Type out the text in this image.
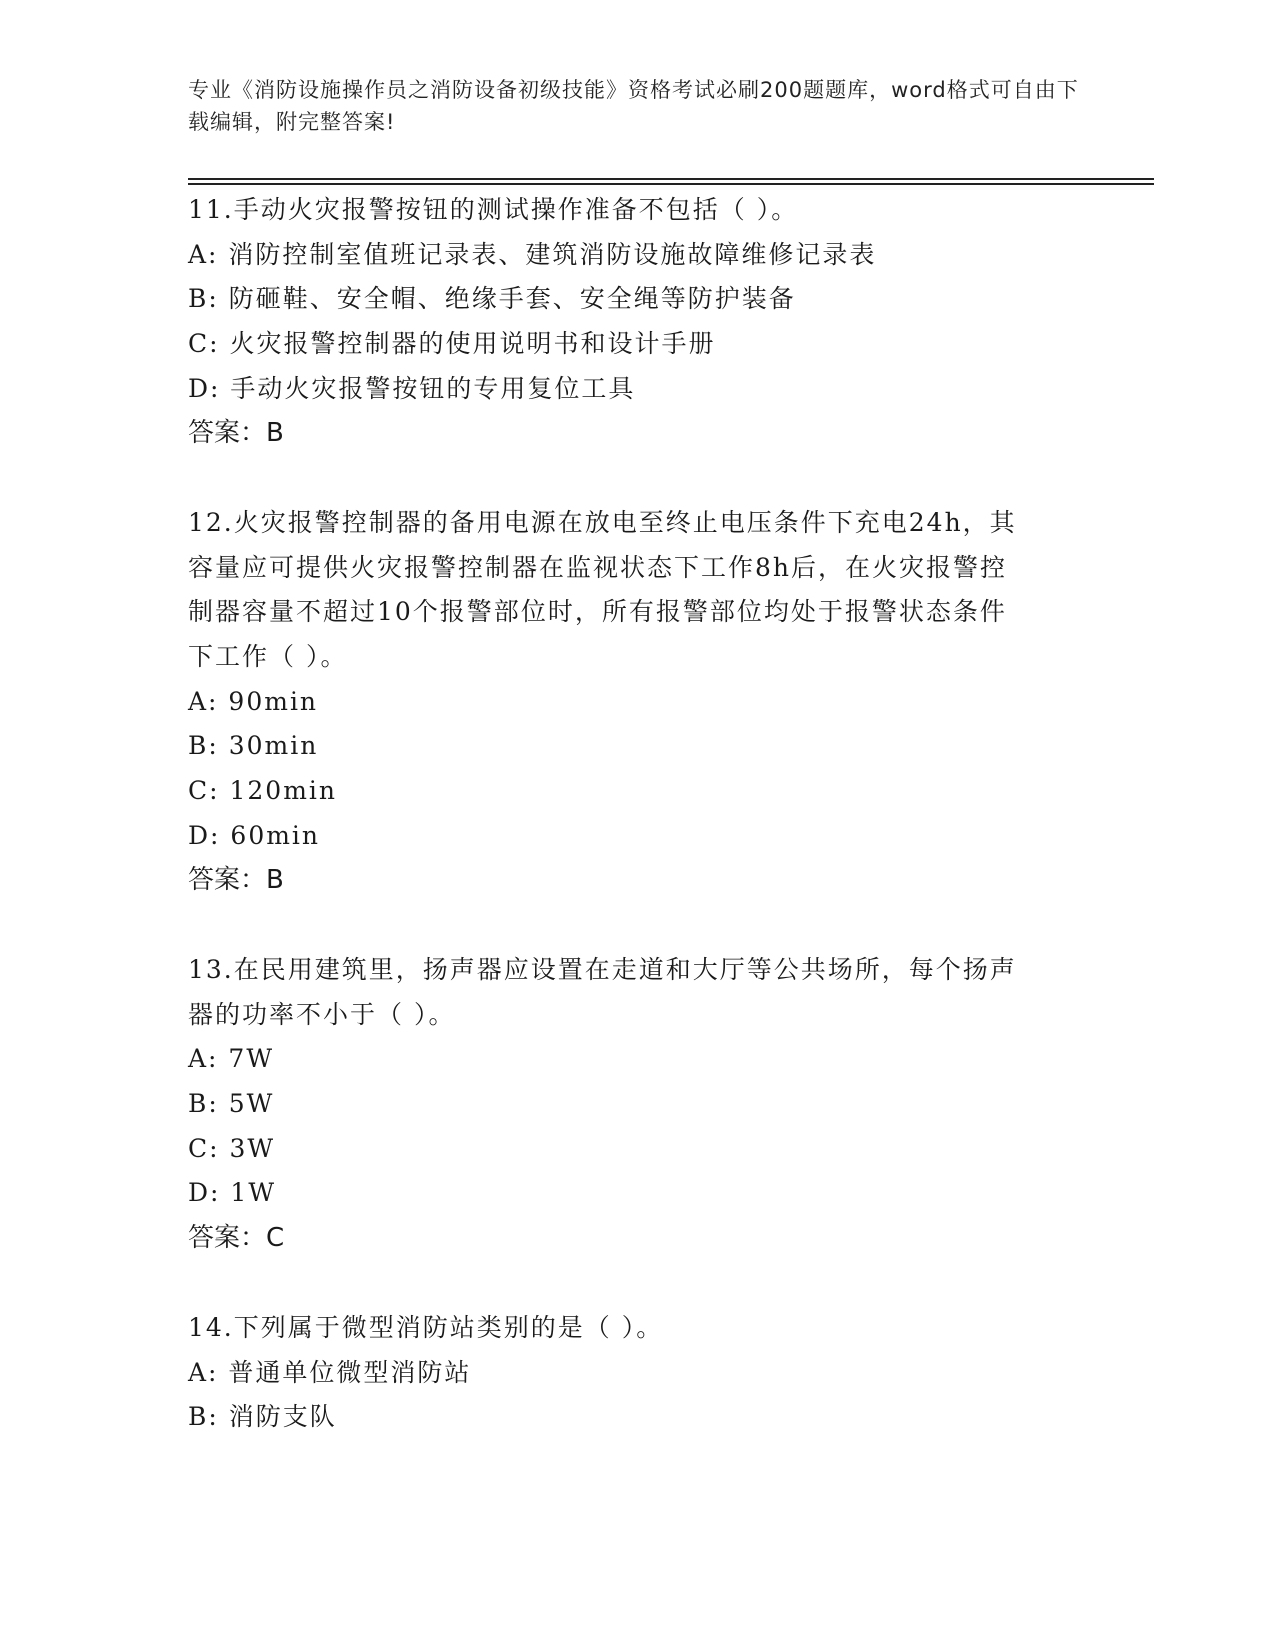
专业《消防设施操作员之消防设备初级技能》资格考试必刷200题题库，word格式可自由下载编辑，附完整答案!
11.手动火灾报警按钮的测试操作准备不包括（ ）。
A: 消防控制室值班记录表、建筑消防设施故障维修记录表
B: 防砸鞋、安全帽、绝缘手套、安全绳等防护装备
C: 火灾报警控制器的使用说明书和设计手册
D: 手动火灾报警按钮的专用复位工具
答案：B
12.火灾报警控制器的备用电源在放电至终止电压条件下充电24h，其
容量应可提供火灾报警控制器在监视状态下工作8h后，在火灾报警控
制器容量不超过10个报警部位时，所有报警部位均处于报警状态条件
下工作（ ）。
A: 90min
B: 30min
C: 120min
D: 60min
答案：B
13.在民用建筑里，扬声器应设置在走道和大厅等公共场所，每个扬声
器的功率不小于（ ）。
A: 7W
B: 5W
C: 3W
D: 1W
答案：C
14.下列属于微型消防站类别的是（ ）。
A: 普通单位微型消防站
B: 消防支队
